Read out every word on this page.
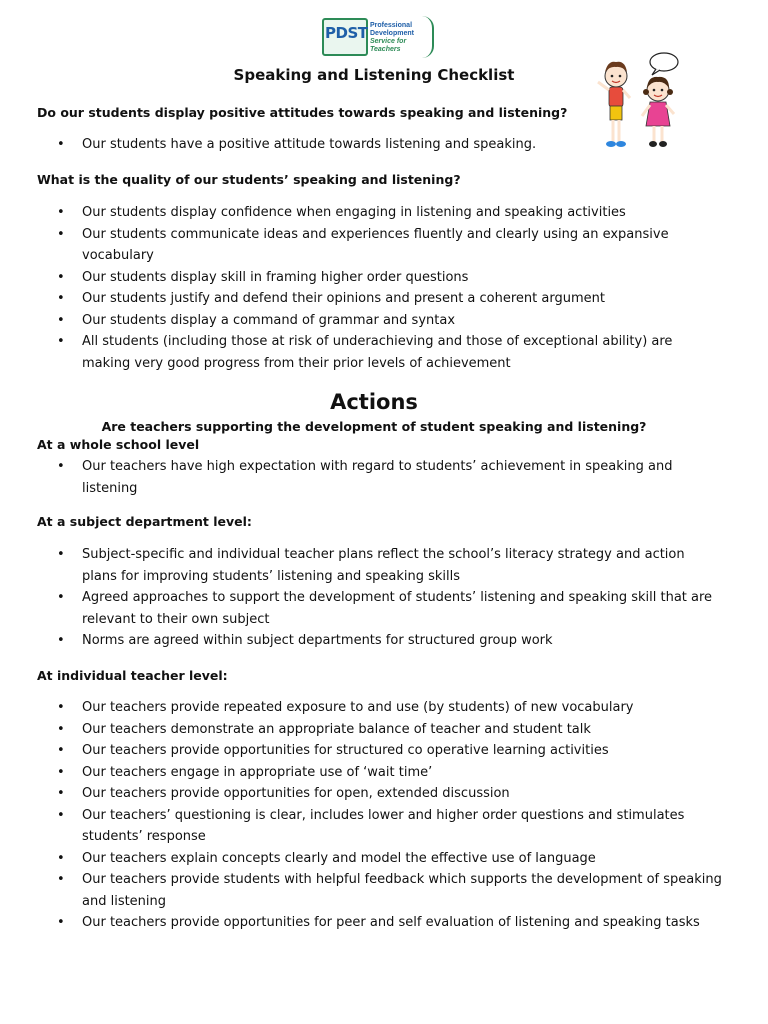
PDST Professional
Development
Service for Teachers
Speaking and Listening Checklist
Do our students display positive attitudes towards speaking and listening?
• Our students have a positive attitude towards listening and speaking.
What is the quality of our students’ speaking and listening?
• Our students display confidence when engaging in listening and speaking activities
• Our students communicate ideas and experiences fluently and clearly using an expansive vocabulary
• Our students display skill in framing higher order questions
• Our students justify and defend their opinions and present a coherent argument
• Our students display a command of grammar and syntax
• All students (including those at risk of underachieving and those of exceptional ability) are making very good progress from their prior levels of achievement
Actions
Are teachers supporting the development of student speaking and listening?
At a whole school level
• Our teachers have high expectation with regard to students’ achievement in speaking and listening
At a subject department level:
• Subject-specific and individual teacher plans reflect the school’s literacy strategy and action plans for improving students’ listening and speaking skills
• Agreed approaches to support the development of students’ listening and speaking skill that are relevant to their own subject
• Norms are agreed within subject departments for structured group work
At individual teacher level:
• Our teachers provide repeated exposure to and use (by students) of new vocabulary
• Our teachers demonstrate an appropriate balance of teacher and student talk
• Our teachers provide opportunities for structured co operative learning activities
• Our teachers engage in appropriate use of ‘wait time’
• Our teachers provide opportunities for open, extended discussion
• Our teachers’ questioning is clear, includes lower and higher order questions and stimulates students’ response
• Our teachers explain concepts clearly and model the effective use of language
• Our teachers provide students with helpful feedback which supports the development of speaking and listening
• Our teachers provide opportunities for peer and self evaluation of listening and speaking tasks
